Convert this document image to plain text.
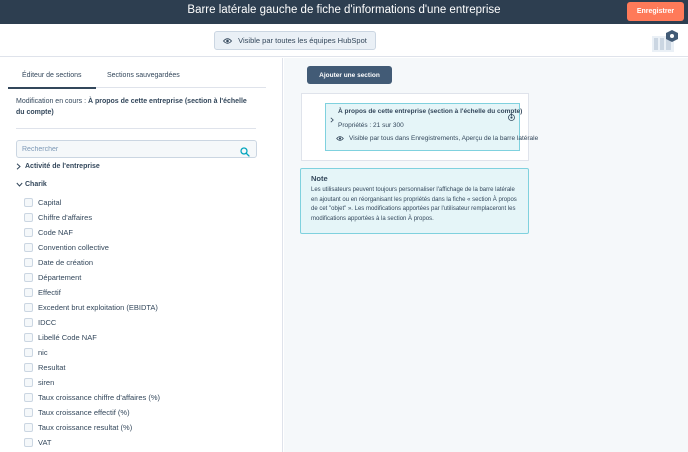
Barre latérale gauche de fiche d'informations d'une entreprise	Enregistrer
Visible par toutes les équipes HubSpot
Éditeur de sections	Sections sauvegardées
Modification en cours : À propos de cette entreprise (section à l'échelle du compte)
Rechercher
Activité de l'entreprise
Charik
Capital
Chiffre d'affaires
Code NAF
Convention collective
Date de création
Département
Effectif
Excedent brut exploitation (EBIDTA)
IDCC
Libellé Code NAF
nic
Resultat
siren
Taux croissance chiffre d'affaires (%)
Taux croissance effectif (%)
Taux croissance resultat (%)
VAT
Ajouter une section
À propos de cette entreprise (section à l'échelle du compte)
Propriétés : 21 sur 300
Visible par tous dans Enregistrements, Aperçu de la barre latérale
Note
Les utilisateurs peuvent toujours personnaliser l'affichage de la barre latérale en ajoutant ou en réorganisant les propriétés dans la fiche « section À propos de cet "objet" ». Les modifications apportées par l'utilisateur remplaceront les modifications apportées à la section À propos.
